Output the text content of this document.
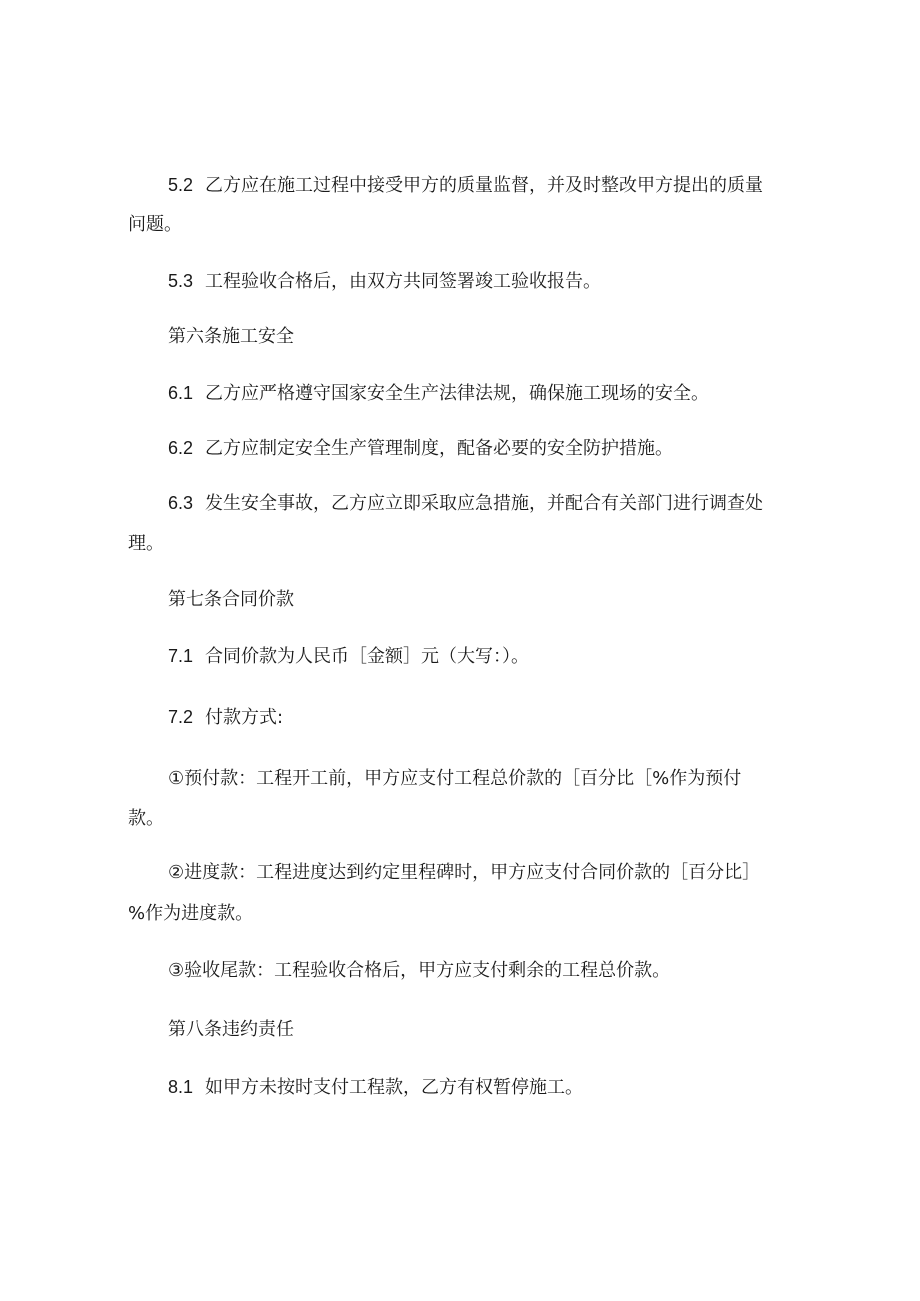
5.2 乙方应在施工过程中接受甲方的质量监督，并及时整改甲方提出的质量
问题。
5.3 工程验收合格后，由双方共同签署竣工验收报告。
第六条施工安全
6.1 乙方应严格遵守国家安全生产法律法规，确保施工现场的安全。
6.2 乙方应制定安全生产管理制度，配备必要的安全防护措施。
6.3 发生安全事故，乙方应立即采取应急措施，并配合有关部门进行调查处
理。
第七条合同价款
7.1 合同价款为人民币［金额］元（大写：）。
7.2 付款方式:
①预付款：工程开工前，甲方应支付工程总价款的［百分比［%作为预付
款。
②进度款：工程进度达到约定里程碑时，甲方应支付合同价款的［百分比］
%作为进度款。
③验收尾款：工程验收合格后，甲方应支付剩余的工程总价款。
第八条违约责任
8.1 如甲方未按时支付工程款，乙方有权暂停施工。
